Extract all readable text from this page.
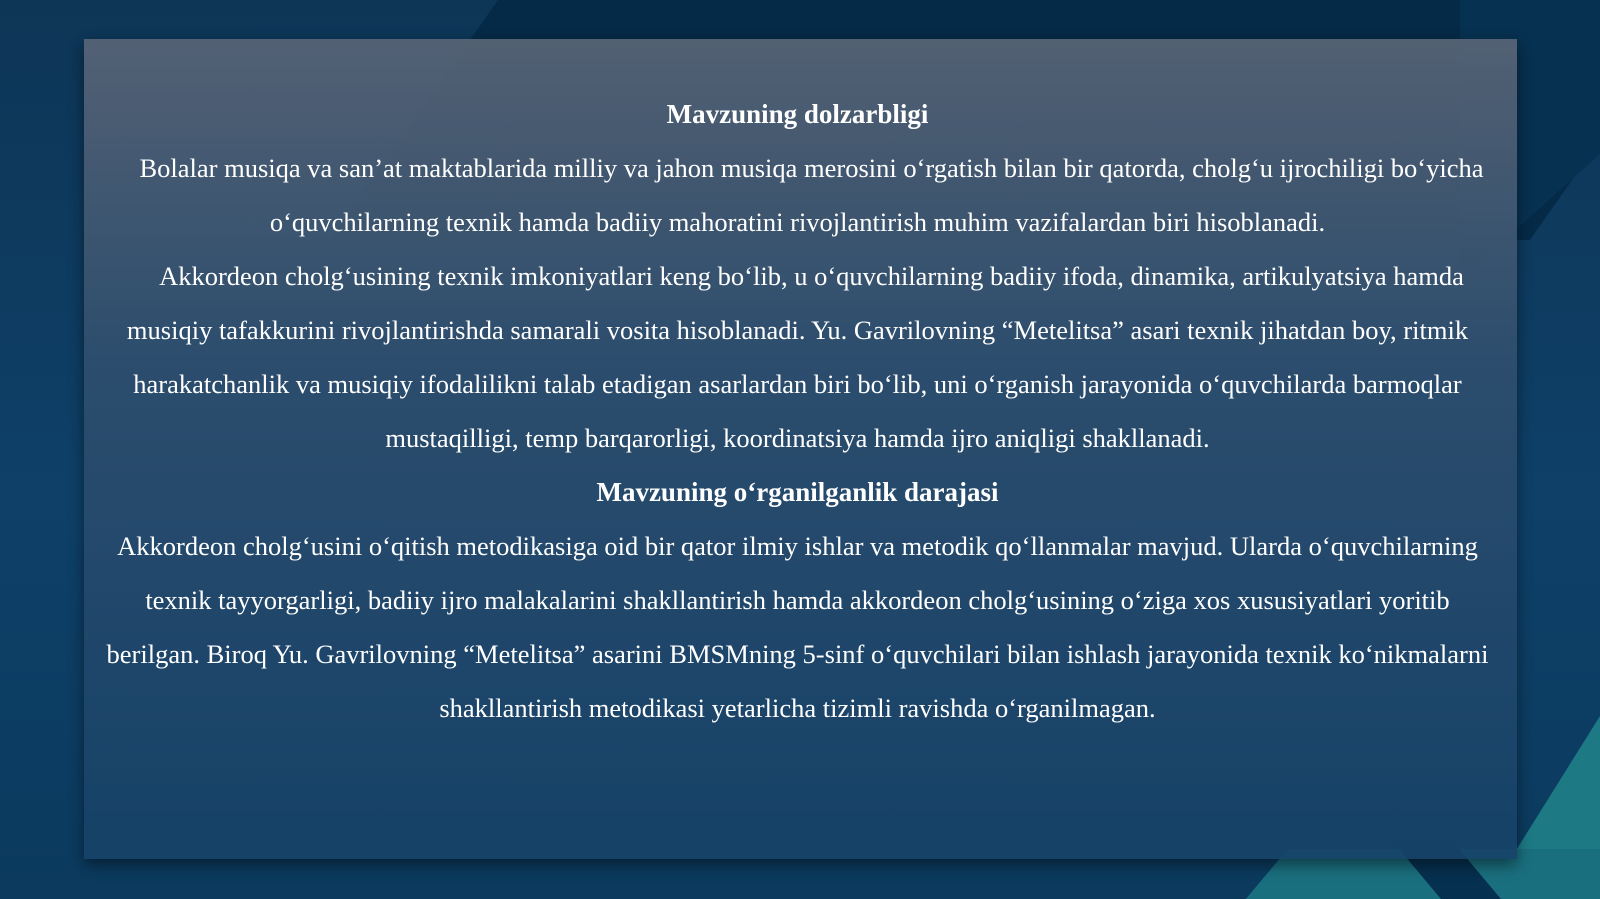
Mavzuning dolzarbligi

Bolalar musiqa va san’at maktablarida milliy va jahon musiqa merosini o‘rgatish bilan bir qatorda, cholg‘u ijrochiligi bo‘yicha o‘quvchilarning texnik hamda badiiy mahoratini rivojlantirish muhim vazifalardan biri hisoblanadi.

Akkordeon cholg‘usining texnik imkoniyatlari keng bo‘lib, u o‘quvchilarning badiiy ifoda, dinamika, artikulyatsiya hamda musiqiy tafakkurini rivojlantirishda samarali vosita hisoblanadi. Yu. Gavrilovning “Metelitsa” asari texnik jihatdan boy, ritmik harakatchanlik va musiqiy ifodalilikni talab etadigan asarlardan biri bo‘lib, uni o‘rganish jarayonida o‘quvchilarda barmoqlar mustaqilligi, temp barqarorligi, koordinatsiya hamda ijro aniqligi shakllanadi.

Mavzuning o‘rganilganlik darajasi

Akkordeon cholg‘usini o‘qitish metodikasiga oid bir qator ilmiy ishlar va metodik qo‘llanmalar mavjud. Ularda o‘quvchilarning texnik tayyorgarligi, badiiy ijro malakalarini shakllantirish hamda akkordeon cholg‘usining o‘ziga xos xususiyatlari yoritib berilgan. Biroq Yu. Gavrilovning “Metelitsa” asarini BMSMning 5-sinf o‘quvchilari bilan ishlash jarayonida texnik ko‘nikmalarni shakllantirish metodikasi yetarlicha tizimli ravishda o‘rganilmagan.
